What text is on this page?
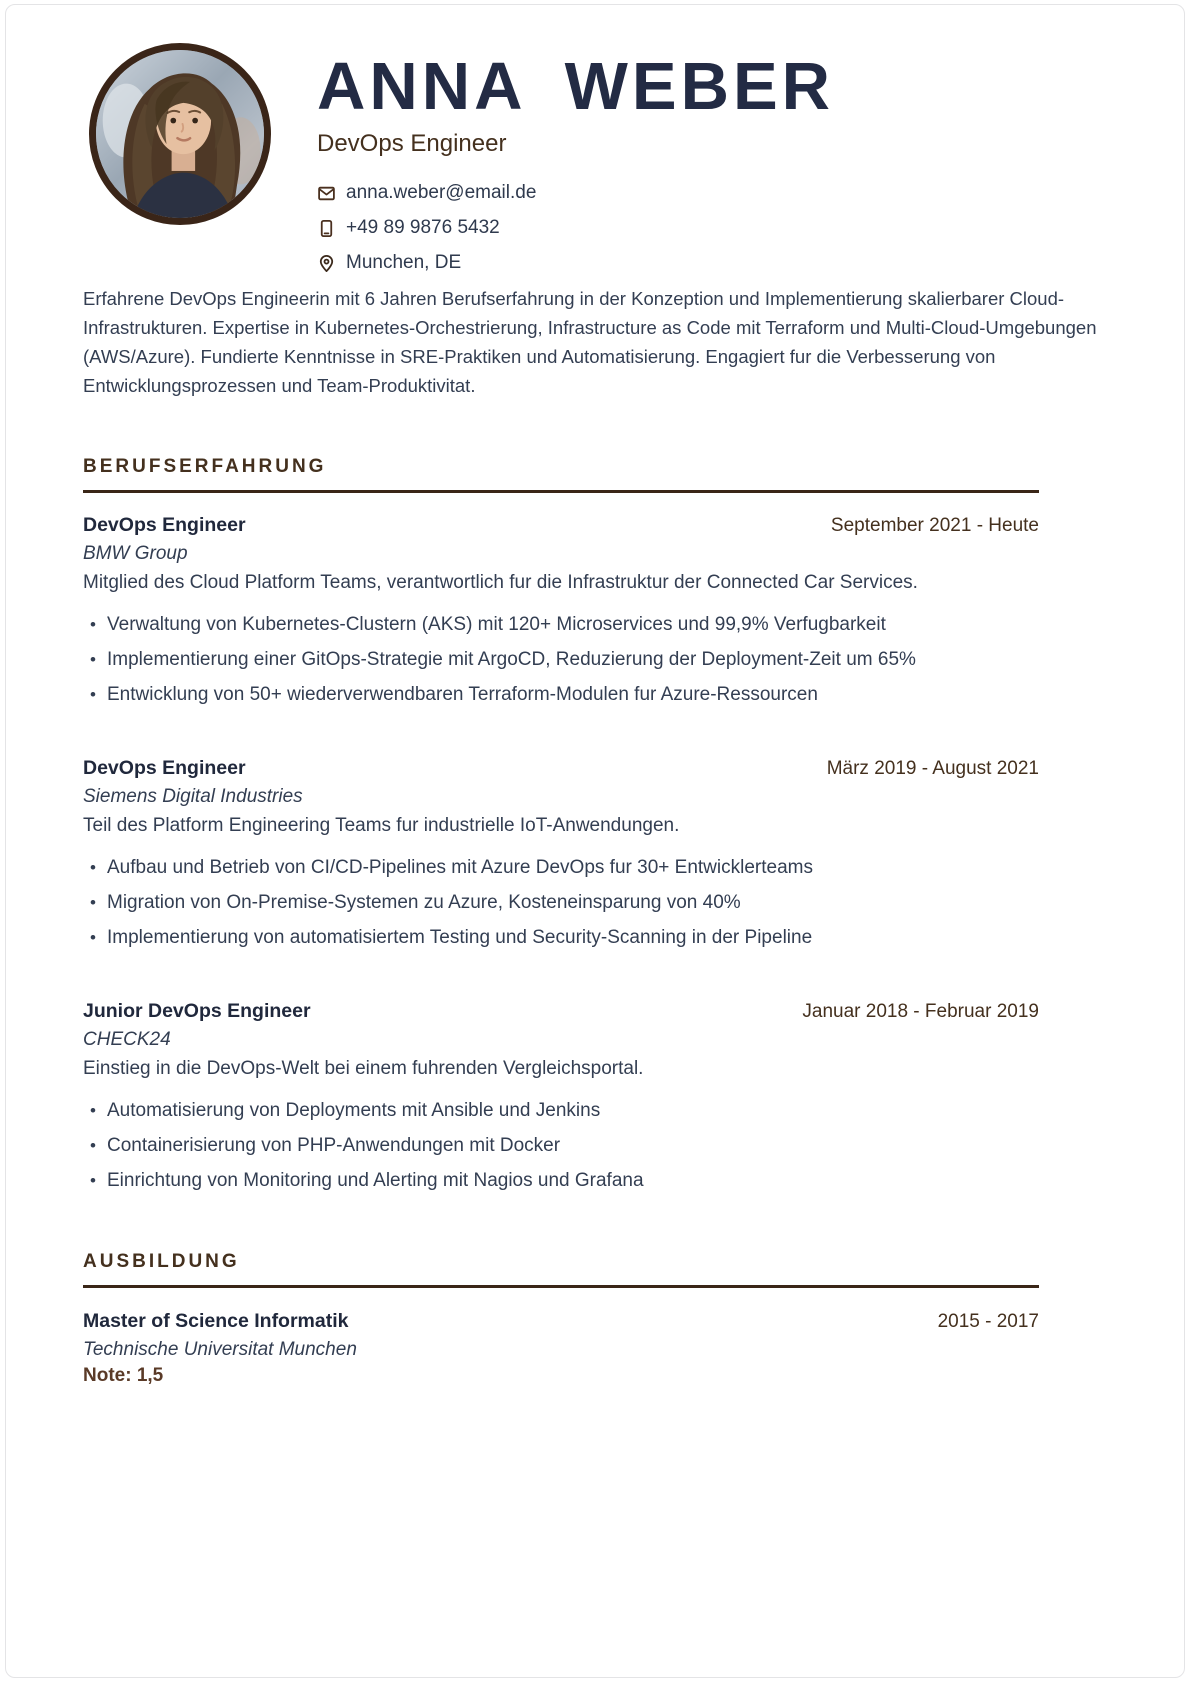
ANNA WEBER
DevOps Engineer
anna.weber@email.de
+49 89 9876 5432
Munchen, DE

Erfahrene DevOps Engineerin mit 6 Jahren Berufserfahrung in der Konzeption und Implementierung skalierbarer Cloud-Infrastrukturen. Expertise in Kubernetes-Orchestrierung, Infrastructure as Code mit Terraform und Multi-Cloud-Umgebungen (AWS/Azure). Fundierte Kenntnisse in SRE-Praktiken und Automatisierung. Engagiert fur die Verbesserung von Entwicklungsprozessen und Team-Produktivitat.

BERUFSERFAHRUNG
DevOps Engineer	September 2021 - Heute
BMW Group
Mitglied des Cloud Platform Teams, verantwortlich fur die Infrastruktur der Connected Car Services.
• Verwaltung von Kubernetes-Clustern (AKS) mit 120+ Microservices und 99,9% Verfugbarkeit
• Implementierung einer GitOps-Strategie mit ArgoCD, Reduzierung der Deployment-Zeit um 65%
• Entwicklung von 50+ wiederverwendbaren Terraform-Modulen fur Azure-Ressourcen
DevOps Engineer	März 2019 - August 2021
Siemens Digital Industries
Teil des Platform Engineering Teams fur industrielle IoT-Anwendungen.
• Aufbau und Betrieb von CI/CD-Pipelines mit Azure DevOps fur 30+ Entwicklerteams
• Migration von On-Premise-Systemen zu Azure, Kosteneinsparung von 40%
• Implementierung von automatisiertem Testing und Security-Scanning in der Pipeline
Junior DevOps Engineer	Januar 2018 - Februar 2019
CHECK24
Einstieg in die DevOps-Welt bei einem fuhrenden Vergleichsportal.
• Automatisierung von Deployments mit Ansible und Jenkins
• Containerisierung von PHP-Anwendungen mit Docker
• Einrichtung von Monitoring und Alerting mit Nagios und Grafana
AUSBILDUNG
Master of Science Informatik	2015 - 2017
Technische Universitat Munchen
Note: 1,5
